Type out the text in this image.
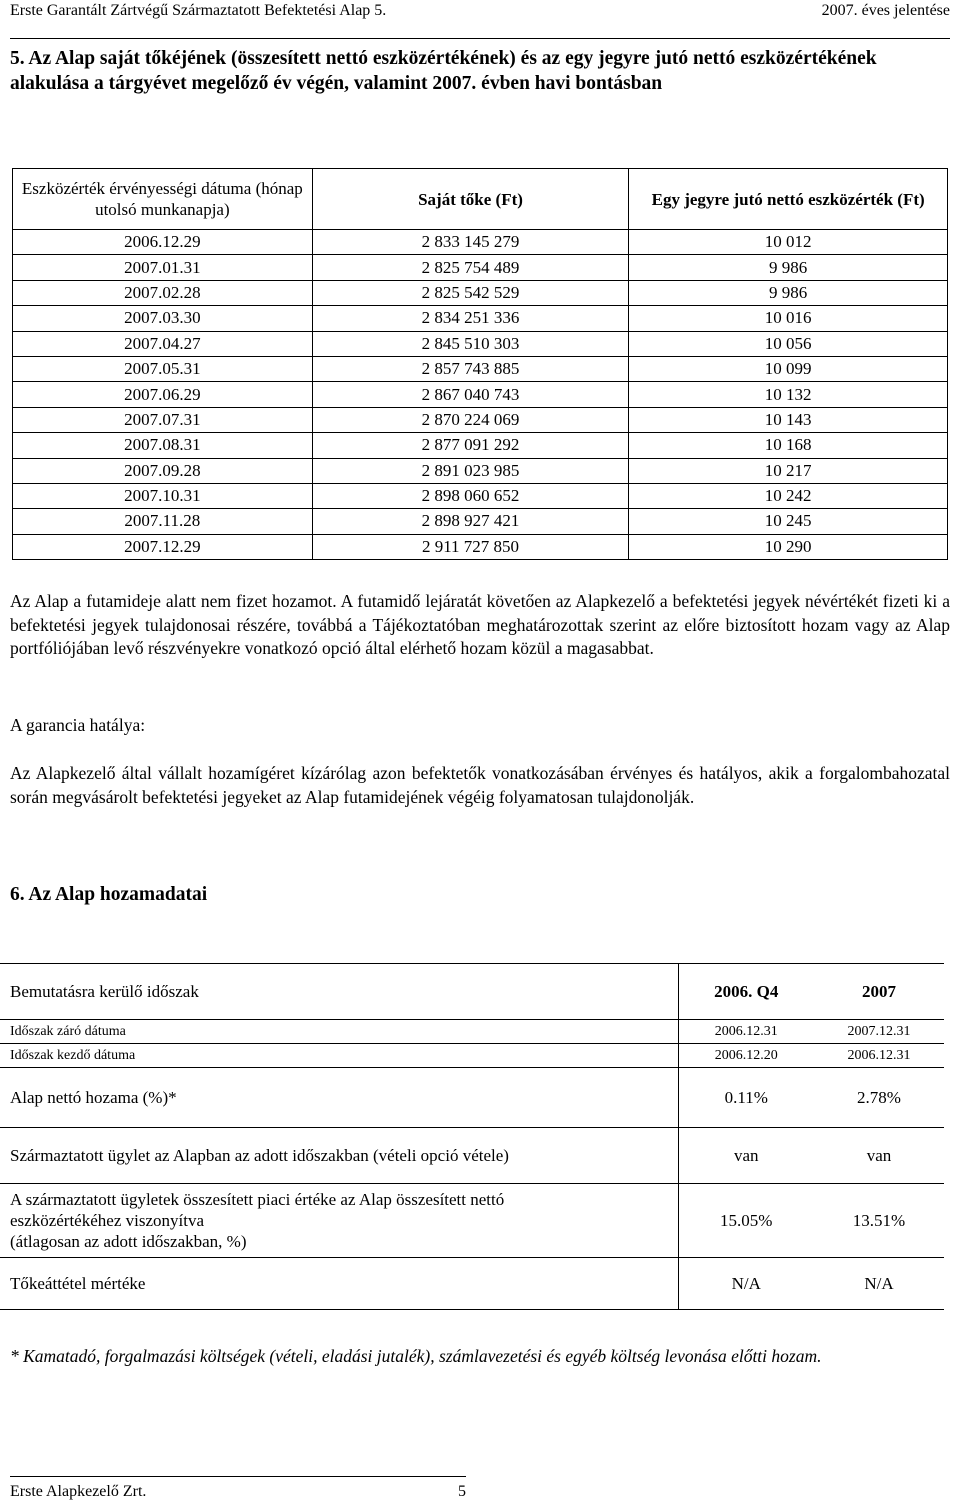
Erste Garantált Zártvégű Származtatott Befektetési Alap 5.	2007. éves jelentése
5. Az Alap saját tőkéjének (összesített nettó eszközértékének) és az egy jegyre jutó nettó eszközértékének alakulása a tárgyévet megelőző év végén, valamint 2007. évben havi bontásban
Eszközérték érvényességi dátuma (hónap utolsó munkanapja)	Saját tőke (Ft)	Egy jegyre jutó nettó eszközérték (Ft)
2006.12.29	2 833 145 279	10 012
2007.01.31	2 825 754 489	9 986
2007.02.28	2 825 542 529	9 986
2007.03.30	2 834 251 336	10 016
2007.04.27	2 845 510 303	10 056
2007.05.31	2 857 743 885	10 099
2007.06.29	2 867 040 743	10 132
2007.07.31	2 870 224 069	10 143
2007.08.31	2 877 091 292	10 168
2007.09.28	2 891 023 985	10 217
2007.10.31	2 898 060 652	10 242
2007.11.28	2 898 927 421	10 245
2007.12.29	2 911 727 850	10 290

Az Alap a futamideje alatt nem fizet hozamot. A futamidő lejáratát követően az Alapkezelő a befektetési jegyek névértékét fizeti ki a befektetési jegyek tulajdonosai részére, továbbá a Tájékoztatóban meghatározottak szerint az előre biztosított hozam vagy az Alap portfóliójában levő részvényekre vonatkozó opció által elérhető hozam közül a magasabbat.

A garancia hatálya:

Az Alapkezelő által vállalt hozamígéret kízárólag azon befektetők vonatkozásában érvényes és hatályos, akik a forgalombahozatal során megvásárolt befektetési jegyeket az Alap futamidejének végéig folyamatosan tulajdonolják.

6. Az Alap hozamadatai
Bemutatásra kerülő időszak	2006. Q4	2007
Időszak záró dátuma	2006.12.31	2007.12.31
Időszak kezdő dátuma	2006.12.20	2006.12.31
Alap nettó hozama (%)*	0.11%	2.78%
Származtatott ügylet az Alapban az adott időszakban (vételi opció vétele)	van	van

A származtatott ügyletek összesített piaci értéke az Alap összesített nettó
eszközértékéhez viszonyítva
(átlagosan az adott időszakban, %)	15.05%	13.51%
Tőkeáttétel mértéke	N/A	N/A
* Kamatadó, forgalmazási költségek (vételi, eladási jutalék), számlavezetési és egyéb költség levonása előtti hozam.
Erste Alapkezelő Zrt.	5
